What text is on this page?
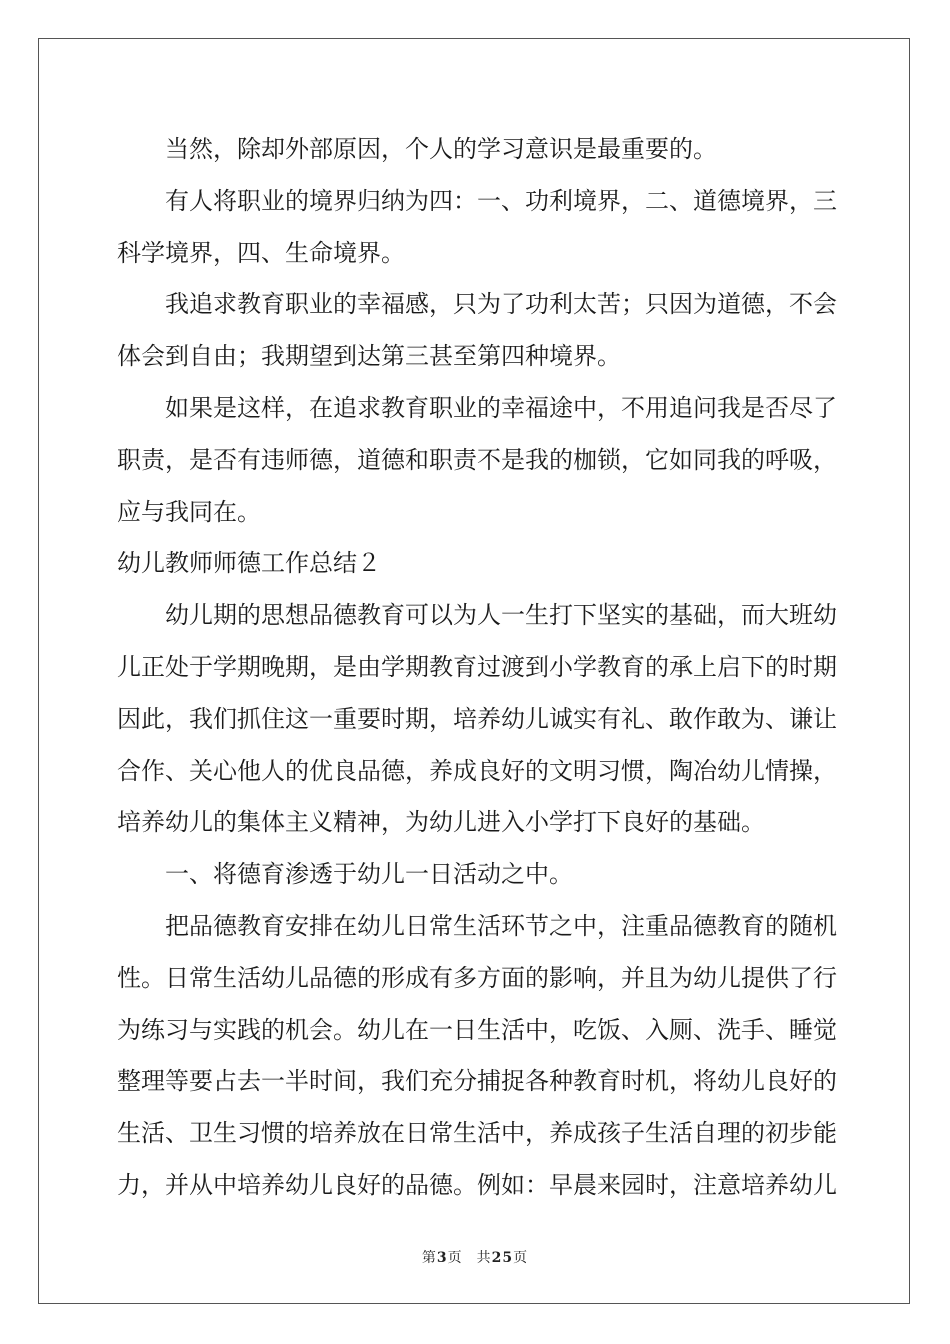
当然，除却外部原因，个人的学习意识是最重要的。
有人将职业的境界归纳为四：一、功利境界，二、道德境界，三
科学境界，四、生命境界。
我追求教育职业的幸福感，只为了功利太苦；只因为道德，不会
体会到自由；我期望到达第三甚至第四种境界。
如果是这样，在追求教育职业的幸福途中，不用追问我是否尽了
职责，是否有违师德，道德和职责不是我的枷锁，它如同我的呼吸，
应与我同在。
幼儿教师师德工作总结２
幼儿期的思想品德教育可以为人一生打下坚实的基础，而大班幼
儿正处于学期晚期，是由学期教育过渡到小学教育的承上启下的时期
因此，我们抓住这一重要时期，培养幼儿诚实有礼、敢作敢为、谦让
合作、关心他人的优良品德，养成良好的文明习惯，陶冶幼儿情操，
培养幼儿的集体主义精神，为幼儿进入小学打下良好的基础。
一、将德育渗透于幼儿一日活动之中。
把品德教育安排在幼儿日常生活环节之中，注重品德教育的随机
性。日常生活幼儿品德的形成有多方面的影响，并且为幼儿提供了行
为练习与实践的机会。幼儿在一日生活中，吃饭、入厕、洗手、睡觉
整理等要占去一半时间，我们充分捕捉各种教育时机，将幼儿良好的
生活、卫生习惯的培养放在日常生活中，养成孩子生活自理的初步能
力，并从中培养幼儿良好的品德。例如：早晨来园时，注意培养幼儿
第3页 共25页
